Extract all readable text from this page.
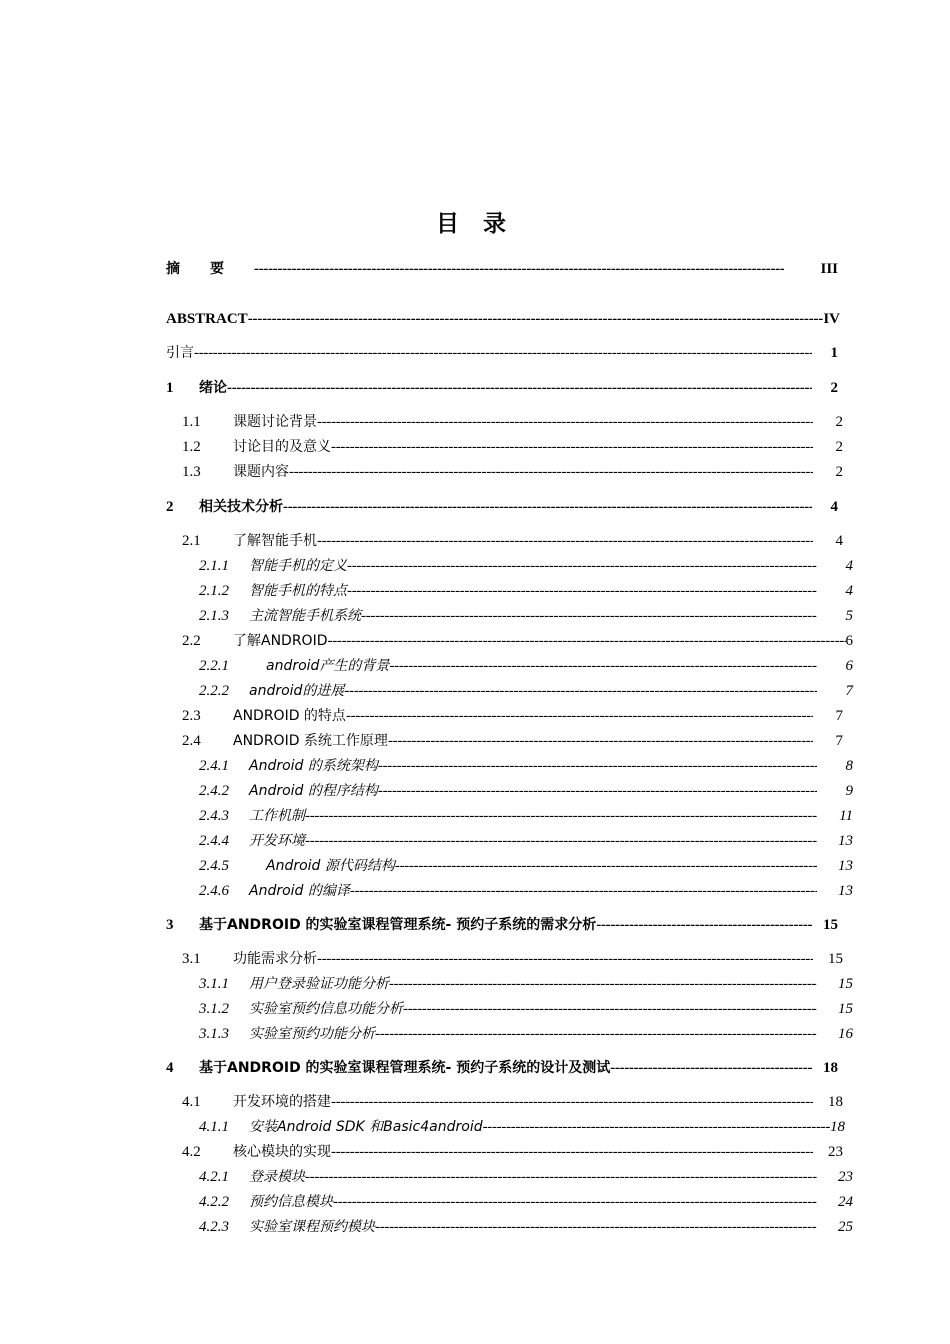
目 录
摘要 -----	III
ABSTRACT -----	IV
引言 -----	1
1	绪论 -----	2
1.1	课题讨论背景 -----	2
1.2	讨论目的及意义 -----	2
1.3	课题内容 -----	2
2	相关技术分析 -----	4
2.1	了解智能手机 -----	4
2.1.1	智能手机的定义 -----	4
2.1.2	智能手机的特点 -----	4
2.1.3	主流智能手机系统 -----	5
2.2	了解ANDROID -----	6
2.2.1	android产生的背景 -----	6
2.2.2	android的进展 -----	7
2.3	ANDROID 的特点 -----	7
2.4	ANDROID 系统工作原理 -----	7
2.4.1	Android 的系统架构 -----	8
2.4.2	Android 的程序结构 -----	9
2.4.3	工作机制 -----	11
2.4.4	开发环境 -----	13
2.4.5	Android 源代码结构 -----	13
2.4.6	Android 的编译 -----	13
3	基于ANDROID 的实验室课程管理系统- 预约子系统的需求分析 -----	15
3.1	功能需求分析 -----	15
3.1.1	用户登录验证功能分析 -----	15
3.1.2	实验室预约信息功能分析 -----	15
3.1.3	实验室预约功能分析 -----	16
4	基于ANDROID 的实验室课程管理系统- 预约子系统的设计及测试 -----	18
4.1	开发环境的搭建 -----	18
4.1.1	安装Android SDK 和Basic4android -----	18
4.2	核心模块的实现 -----	23
4.2.1	登录模块 -----	23
4.2.2	预约信息模块 -----	24
4.2.3	实验室课程预约模块 -----	25
